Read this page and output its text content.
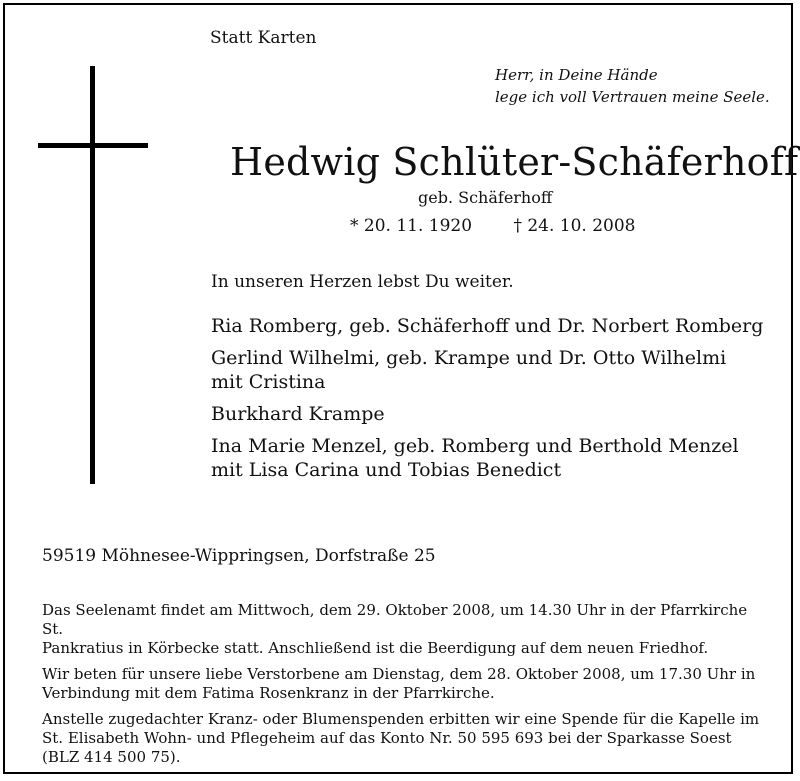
Statt Karten
Herr, in Deine Hände
lege ich voll Vertrauen meine Seele.
Hedwig Schlüter-Schäferhoff
geb. Schäferhoff
* 20. 11. 1920 † 24. 10. 2008
In unseren Herzen lebst Du weiter.
Ria Romberg, geb. Schäferhoff und Dr. Norbert Romberg
Gerlind Wilhelmi, geb. Krampe und Dr. Otto Wilhelmi
mit Cristina
Burkhard Krampe
Ina Marie Menzel, geb. Romberg und Berthold Menzel
mit Lisa Carina und Tobias Benedict
59519 Möhnesee-Wippringsen, Dorfstraße 25
Das Seelenamt findet am Mittwoch, dem 29. Oktober 2008, um 14.30 Uhr in der Pfarrkirche St.
Pankratius in Körbecke statt. Anschließend ist die Beerdigung auf dem neuen Friedhof.
Wir beten für unsere liebe Verstorbene am Dienstag, dem 28. Oktober 2008, um 17.30 Uhr in
Verbindung mit dem Fatima Rosenkranz in der Pfarrkirche.
Anstelle zugedachter Kranz- oder Blumenspenden erbitten wir eine Spende für die Kapelle im
St. Elisabeth Wohn- und Pflegeheim auf das Konto Nr. 50 595 693 bei der Sparkasse Soest
(BLZ 414 500 75).
